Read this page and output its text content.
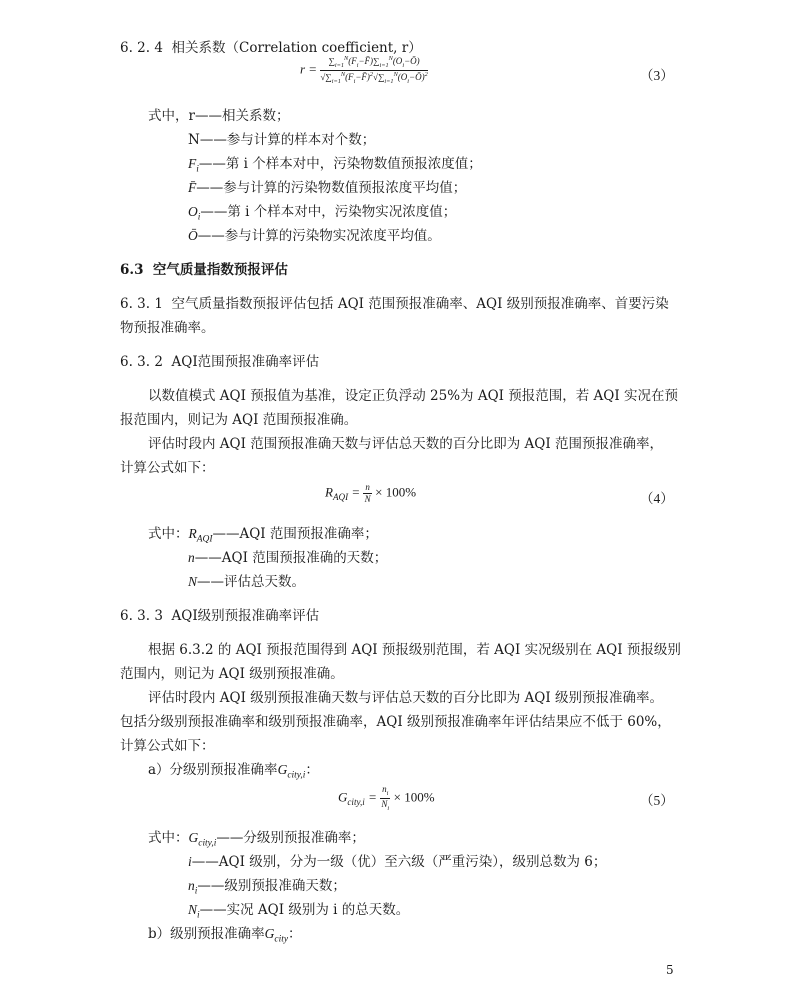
6. 2. 4 相关系数（Correlation coefficient, r）
$r = \frac{\sum_{i=1}^N(F_i-F̄)\sum_{i=1}^N(O_i-Ō)}{√\sum_{i=1}^N(F_i-F̄)^2√\sum_{i=1}^N(O_i-Ō)^2}$	（3）
式中，r——相关系数；
N——参与计算的样本对个数；
$F_i——$第 i 个样本对中，污染物数值预报浓度值；
F̄——参与计算的污染物数值预报浓度平均值；
$O_i——$第 i 个样本对中，污染物实况浓度值；
Ō——参与计算的污染物实况浓度平均值。
6.3 空气质量指数预报评估
6. 3. 1 空气质量指数预报评估包括 AQI 范围预报准确率、AQI 级别预报准确率、首要污染
物预报准确率。
6. 3. 2 AQI范围预报准确率评估
以数值模式 AQI 预报值为基准，设定正负浮动 25%为 AQI 预报范围，若 AQI 实况在预
报范围内，则记为 AQI 范围预报准确。
评估时段内 AQI 范围预报准确天数与评估总天数的百分比即为 AQI 范围预报准确率，
计算公式如下：
$R_{AQI} = \frac{n}{N} \times 100\%$	（4）
式中：$R_{AQI}——AQI$ 范围预报准确率；
n——AQI 范围预报准确的天数；
N——评估总天数。
6. 3. 3 AQI级别预报准确率评估
根据 6.3.2 的 AQI 预报范围得到 AQI 预报级别范围，若 AQI 实况级别在 AQI 预报级别
范围内，则记为 AQI 级别预报准确。
评估时段内 AQI 级别预报准确天数与评估总天数的百分比即为 AQI 级别预报准确率。
包括分级别预报准确率和级别预报准确率，AQI 级别预报准确率年评估结果应不低于 60%，
计算公式如下：
a）分级别预报准确率$G_{city,i}$：
$G_{city,i} = \frac{n_i}{N_i} \times 100\%$	（5）
式中：$G_{city,i}——$分级别预报准确率；
i——AQI 级别，分为一级（优）至六级（严重污染），级别总数为 6；
$n_i——$级别预报准确天数；
$N_i——$实况 AQI 级别为 i 的总天数。
b）级别预报准确率$G_{city}$：
5
